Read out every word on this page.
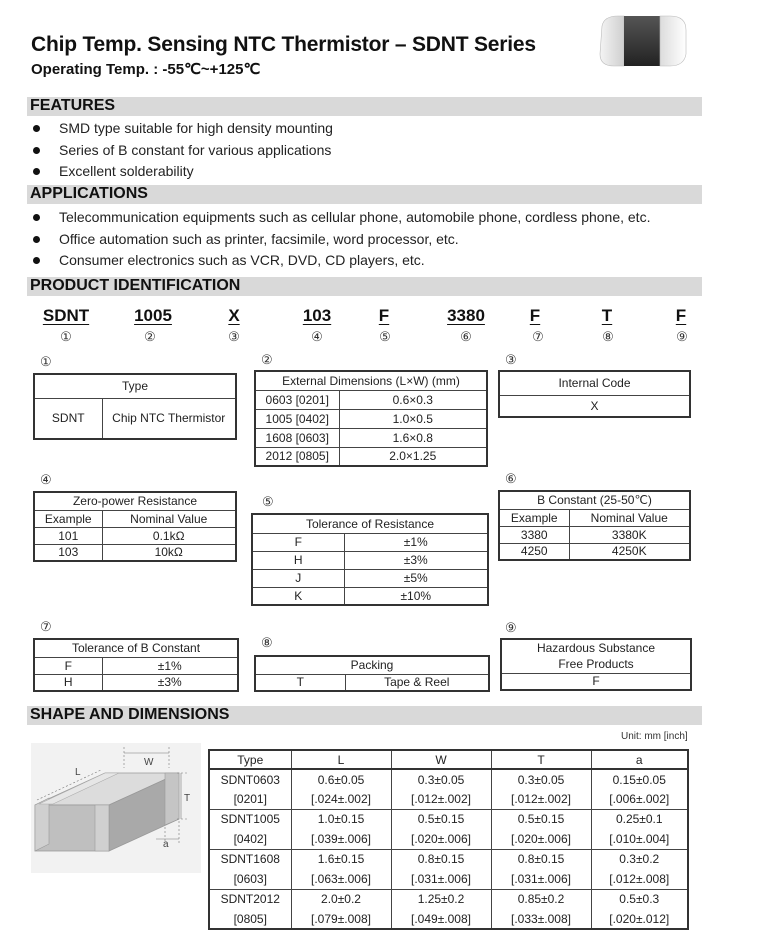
Chip Temp. Sensing NTC Thermistor – SDNT Series
Operating Temp. : -55℃~+125℃
FEATURES
SMD type suitable for high density mounting
Series of B constant for various applications
Excellent solderability
APPLICATIONS
Telecommunication equipments such as cellular phone, automobile phone, cordless phone, etc.
Office automation such as printer, facsimile, word processor, etc.
Consumer electronics such as VCR, DVD, CD players, etc.
PRODUCT IDENTIFICATION
SDNT	1005	X	103	F	3380	F	T	F
①	②	③	④	⑤	⑥	⑦	⑧	⑨
①
Type
SDNT	Chip NTC Thermistor
②
External Dimensions (L×W) (mm)	
0603 [0201]	0.6×0.3
1005 [0402]	1.0×0.5
1608 [0603]	1.6×0.8
2012 [0805]	2.0×1.25
③
Internal Code
X
④
Zero-power Resistance	
Example	Nominal Value
101	0.1kΩ
103	10kΩ
⑤
Tolerance of Resistance	
F	±1%
H	±3%
J	±5%
K	±10%
⑥
B Constant (25-50℃)	
Example	Nominal Value
3380	3380K
4250	4250K
⑦
Tolerance of B Constant	
F	±1%
H	±3%
⑧
Packing
T	Tape & Reel
⑨
Hazardous Substance
Free Products
F
SHAPE AND DIMENSIONS
Unit: mm [inch]
L
W
T
a
Type	L	W	T	a
SDNT0603	0.6±0.05	0.3±0.05	0.3±0.05	0.15±0.05
[0201]	[.024±.002]	[.012±.002]	[.012±.002]	[.006±.002]
SDNT1005	1.0±0.15	0.5±0.15	0.5±0.15	0.25±0.1
[0402]	[.039±.006]	[.020±.006]	[.020±.006]	[.010±.004]
SDNT1608	1.6±0.15	0.8±0.15	0.8±0.15	0.3±0.2
[0603]	[.063±.006]	[.031±.006]	[.031±.006]	[.012±.008]
SDNT2012	2.0±0.2	1.25±0.2	0.85±0.2	0.5±0.3
[0805]	[.079±.008]	[.049±.008]	[.033±.008]	[.020±.012]
